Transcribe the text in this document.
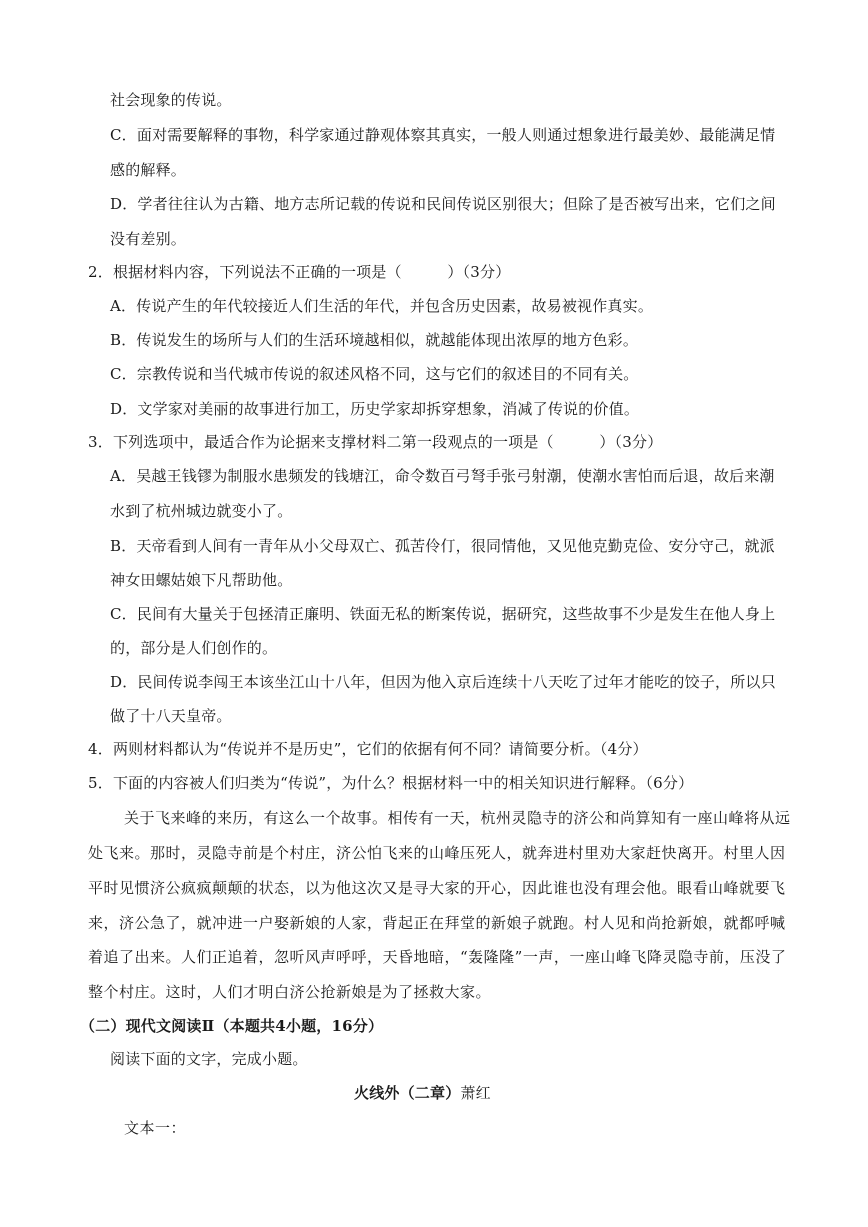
社会现象的传说。
C．面对需要解释的事物，科学家通过静观体察其真实，一般人则通过想象进行最美妙、最能满足情
感的解释。
D．学者往往认为古籍、地方志所记载的传说和民间传说区别很大；但除了是否被写出来，它们之间
没有差别。
2．根据材料内容，下列说法不正确的一项是（　　　）（3分）
A．传说产生的年代较接近人们生活的年代，并包含历史因素，故易被视作真实。
B．传说发生的场所与人们的生活环境越相似，就越能体现出浓厚的地方色彩。
C．宗教传说和当代城市传说的叙述风格不同，这与它们的叙述目的不同有关。
D．文学家对美丽的故事进行加工，历史学家却拆穿想象，消减了传说的价值。
3．下列选项中，最适合作为论据来支撑材料二第一段观点的一项是（　　　）（3分）
A．吴越王钱镠为制服水患频发的钱塘江，命令数百弓弩手张弓射潮，使潮水害怕而后退，故后来潮
水到了杭州城边就变小了。
B．天帝看到人间有一青年从小父母双亡、孤苦伶仃，很同情他，又见他克勤克俭、安分守己，就派
神女田螺姑娘下凡帮助他。
C．民间有大量关于包拯清正廉明、铁面无私的断案传说，据研究，这些故事不少是发生在他人身上
的，部分是人们创作的。
D．民间传说李闯王本该坐江山十八年，但因为他入京后连续十八天吃了过年才能吃的饺子，所以只
做了十八天皇帝。
4．两则材料都认为“传说并不是历史”，它们的依据有何不同？请简要分析。（4分）
5．下面的内容被人们归类为“传说”，为什么？根据材料一中的相关知识进行解释。（6分）
关于飞来峰的来历，有这么一个故事。相传有一天，杭州灵隐寺的济公和尚算知有一座山峰将从远
处飞来。那时，灵隐寺前是个村庄，济公怕飞来的山峰压死人，就奔进村里劝大家赶快离开。村里人因
平时见惯济公疯疯颠颠的状态，以为他这次又是寻大家的开心，因此谁也没有理会他。眼看山峰就要飞
来，济公急了，就冲进一户娶新娘的人家，背起正在拜堂的新娘子就跑。村人见和尚抢新娘，就都呼喊
着追了出来。人们正追着，忽听风声呼呼，天昏地暗，“轰隆隆”一声，一座山峰飞降灵隐寺前，压没了
整个村庄。这时，人们才明白济公抢新娘是为了拯救大家。
（二）现代文阅读Ⅱ（本题共4小题，16分）
阅读下面的文字，完成小题。
火线外（二章）萧红
文本一：
